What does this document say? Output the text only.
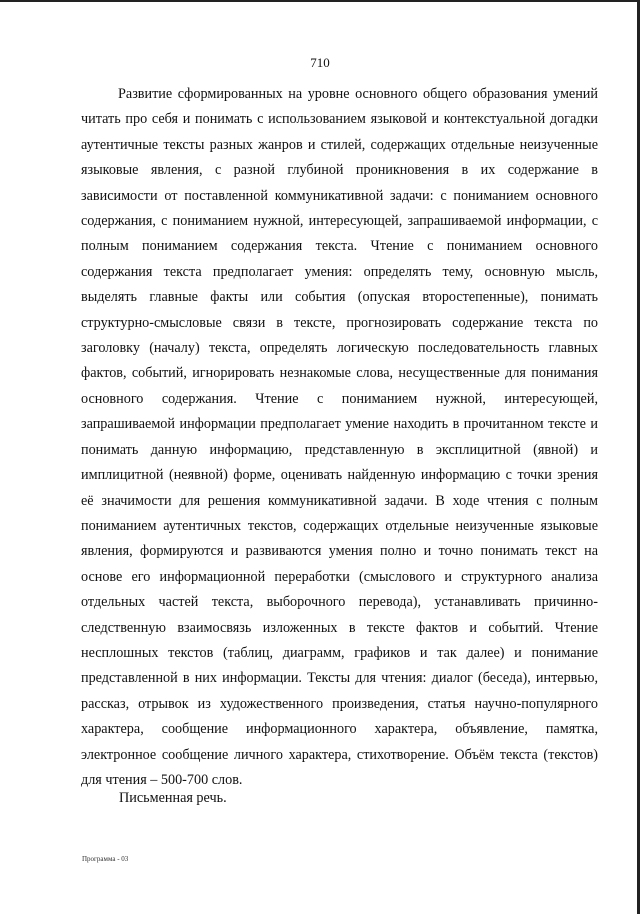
710

Развитие сформированных на уровне основного общего образования умений читать про себя и понимать с использованием языковой и контекстуальной догадки аутентичные тексты разных жанров и стилей, содержащих отдельные неизученные языковые явления, с разной глубиной проникновения в их содержание в зависимости от поставленной коммуникативной задачи: с пониманием основного содержания, с пониманием нужной, интересующей, запрашиваемой информации, с полным пониманием содержания текста. Чтение с пониманием основного содержания текста предполагает умения: определять тему, основную мысль, выделять главные факты или события (опуская второстепенные), понимать структурно-смысловые связи в тексте, прогнозировать содержание текста по заголовку (началу) текста, определять логическую последовательность главных фактов, событий, игнорировать незнакомые слова, несущественные для понимания основного содержания. Чтение с пониманием нужной, интересующей, запрашиваемой информации предполагает умение находить в прочитанном тексте и понимать данную информацию, представленную в эксплицитной (явной) и имплицитной (неявной) форме, оценивать найденную информацию с точки зрения её значимости для решения коммуникативной задачи. В ходе чтения с полным пониманием аутентичных текстов, содержащих отдельные неизученные языковые явления, формируются и развиваются умения полно и точно понимать текст на основе его информационной переработки (смыслового и структурного анализа отдельных частей текста, выборочного перевода), устанавливать причинно-следственную взаимосвязь изложенных в тексте фактов и событий. Чтение несплошных текстов (таблиц, диаграмм, графиков и так далее) и понимание представленной в них информации. Тексты для чтения: диалог (беседа), интервью, рассказ, отрывок из художественного произведения, статья научно-популярного характера, сообщение информационного характера, объявление, памятка, электронное сообщение личного характера, стихотворение. Объём текста (текстов) для чтения – 500-700 слов.

Письменная речь.

Программа - 03
